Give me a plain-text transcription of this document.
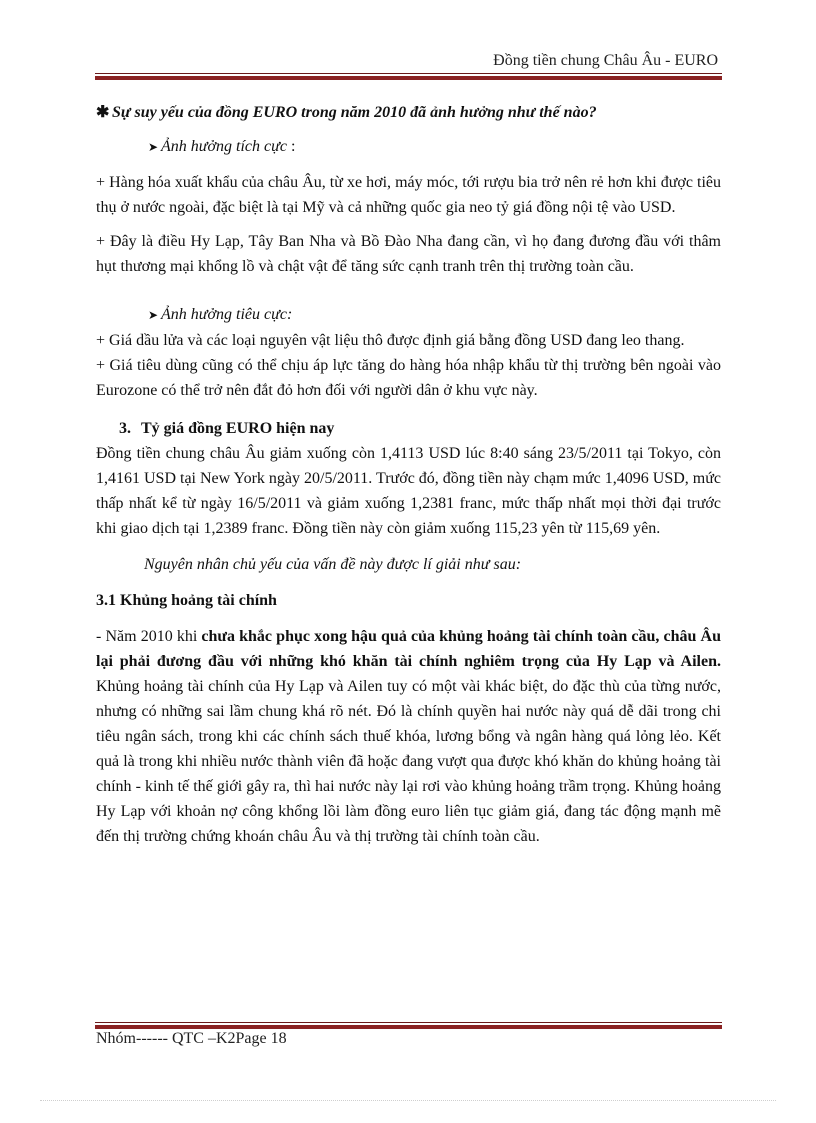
Đồng tiền chung Châu Âu - EURO

✱ Sự suy yếu của đồng EURO trong năm 2010 đã ảnh hưởng như thế nào?

➤ Ảnh hưởng tích cực :

+ Hàng hóa xuất khẩu của châu Âu, từ xe hơi, máy móc, tới rượu bia trở nên rẻ hơn khi được tiêu thụ ở nước ngoài, đặc biệt là tại Mỹ và cả những quốc gia neo tỷ giá đồng nội tệ vào USD.

+ Đây là điều Hy Lạp, Tây Ban Nha và Bồ Đào Nha đang cần, vì họ đang đương đầu với thâm hụt thương mại khổng lồ và chật vật để tăng sức cạnh tranh trên thị trường toàn cầu.

➤ Ảnh hưởng tiêu cực:

+ Giá dầu lửa và các loại nguyên vật liệu thô được định giá bằng đồng USD đang leo thang.

+ Giá tiêu dùng cũng có thể chịu áp lực tăng do hàng hóa nhập khẩu từ thị trường bên ngoài vào Eurozone có thể trở nên đắt đỏ hơn đối với người dân ở khu vực này.

3. Tỷ giá đồng EURO hiện nay

Đồng tiền chung châu Âu giảm xuống còn 1,4113 USD lúc 8:40 sáng 23/5/2011 tại Tokyo, còn 1,4161 USD tại New York ngày 20/5/2011. Trước đó, đồng tiền này chạm mức 1,4096 USD, mức thấp nhất kể từ ngày 16/5/2011 và giảm xuống 1,2381 franc, mức thấp nhất mọi thời đại trước khi giao dịch tại 1,2389 franc. Đồng tiền này còn giảm xuống 115,23 yên từ 115,69 yên.

Nguyên nhân chủ yếu của vấn đề này được lí giải như sau:

3.1 Khủng hoảng tài chính

- Năm 2010 khi chưa khắc phục xong hậu quả của khủng hoảng tài chính toàn cầu, châu Âu lại phải đương đầu với những khó khăn tài chính nghiêm trọng của Hy Lạp và Ailen. Khủng hoảng tài chính của Hy Lạp và Ailen tuy có một vài khác biệt, do đặc thù của từng nước, nhưng có những sai lầm chung khá rõ nét. Đó là chính quyền hai nước này quá dễ dãi trong chi tiêu ngân sách, trong khi các chính sách thuế khóa, lương bổng và ngân hàng quá lỏng lẻo. Kết quả là trong khi nhiều nước thành viên đã hoặc đang vượt qua được khó khăn do khủng hoảng tài chính - kinh tế thế giới gây ra, thì hai nước này lại rơi vào khủng hoảng trầm trọng. Khủng hoảng Hy Lạp với khoản nợ công khổng lồi làm đồng euro liên tục giảm giá, đang tác động mạnh mẽ đến thị trường chứng khoán châu Âu và thị trường tài chính toàn cầu.

Nhóm------ QTC –K2Page 18
